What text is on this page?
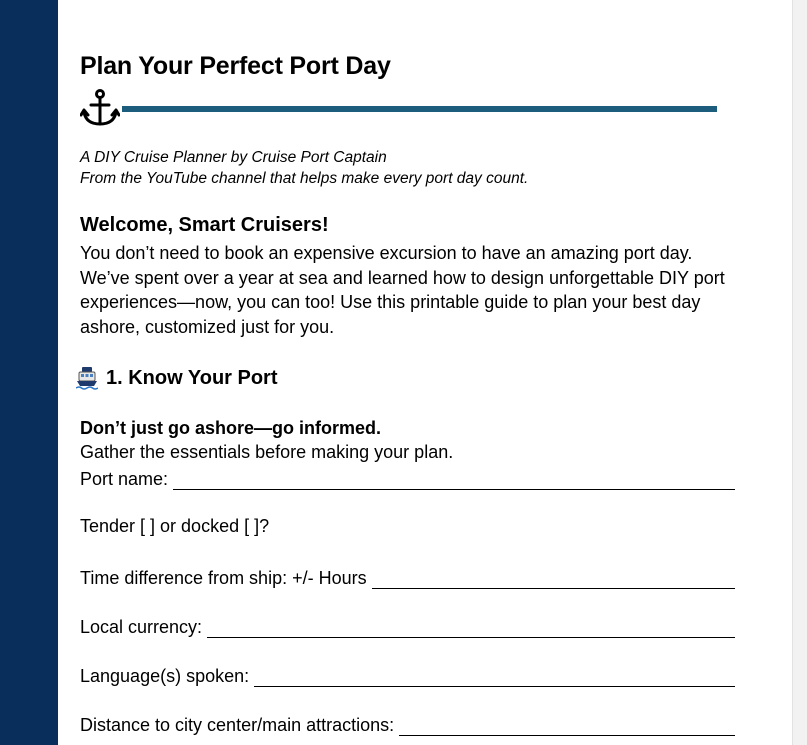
Plan Your Perfect Port Day
A DIY Cruise Planner by Cruise Port Captain
From the YouTube channel that helps make every port day count.
Welcome, Smart Cruisers!
You don’t need to book an expensive excursion to have an amazing port day. We’ve spent over a year at sea and learned how to design unforgettable DIY port experiences—now, you can too! Use this printable guide to plan your best day ashore, customized just for you.
1. Know Your Port
Don’t just go ashore—go informed.
Gather the essentials before making your plan.
Port name:
Tender [ ] or docked [ ]?
Time difference from ship: +/- Hours
Local currency:
Language(s) spoken:
Distance to city center/main attractions:
